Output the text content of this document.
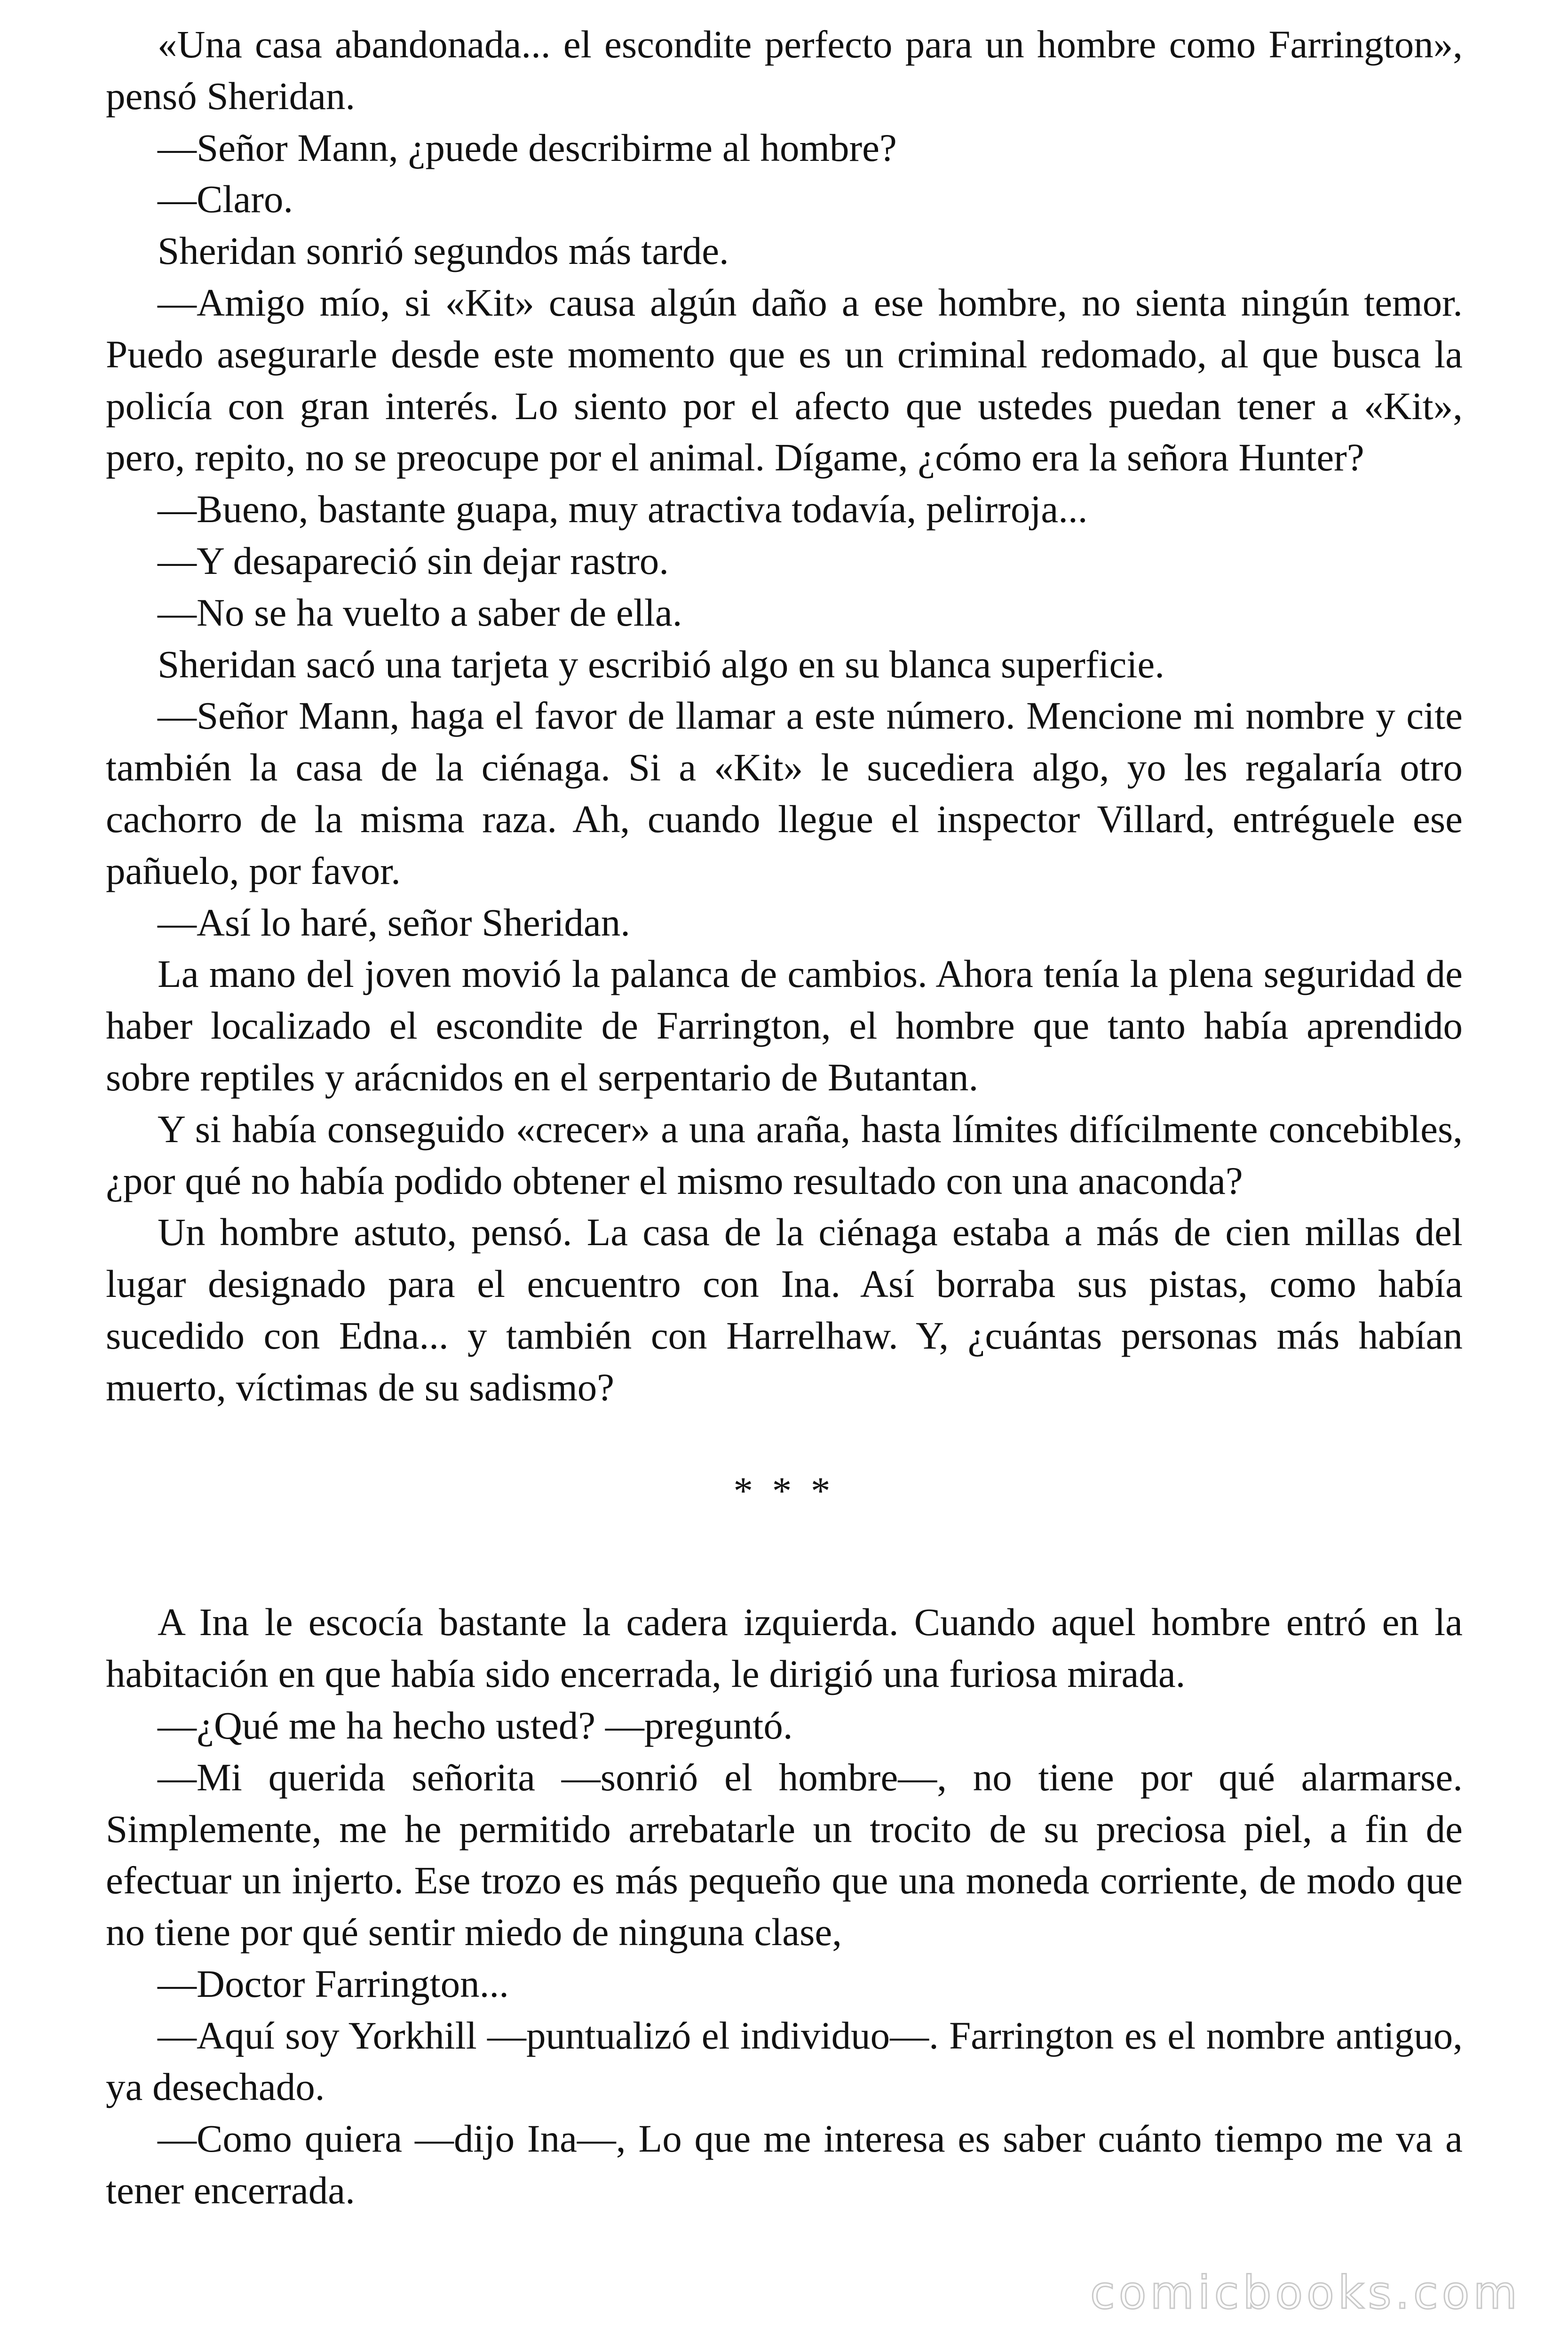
«Una casa abandonada... el escondite perfecto para un hombre como Farrington», pensó Sheridan.

—Señor Mann, ¿puede describirme al hombre?

—Claro.

Sheridan sonrió segundos más tarde.

—Amigo mío, si «Kit» causa algún daño a ese hombre, no sienta ningún temor. Puedo asegurarle desde este momento que es un criminal redomado, al que busca la policía con gran interés. Lo siento por el afecto que ustedes puedan tener a «Kit», pero, repito, no se preocupe por el animal. Dígame, ¿cómo era la señora Hunter?

—Bueno, bastante guapa, muy atractiva todavía, pelirroja...

—Y desapareció sin dejar rastro.

—No se ha vuelto a saber de ella.

Sheridan sacó una tarjeta y escribió algo en su blanca superficie.

—Señor Mann, haga el favor de llamar a este número. Mencione mi nombre y cite también la casa de la ciénaga. Si a «Kit» le sucediera algo, yo les regalaría otro cachorro de la misma raza. Ah, cuando llegue el inspector Villard, entréguele ese pañuelo, por favor.

—Así lo haré, señor Sheridan.

La mano del joven movió la palanca de cambios. Ahora tenía la plena seguridad de haber localizado el escondite de Farrington, el hombre que tanto había aprendido sobre reptiles y arácnidos en el serpentario de Butantan.

Y si había conseguido «crecer» a una araña, hasta límites difícilmente concebibles, ¿por qué no había podido obtener el mismo resultado con una anaconda?

Un hombre astuto, pensó. La casa de la ciénaga estaba a más de cien millas del lugar designado para el encuentro con Ina. Así borraba sus pistas, como había sucedido con Edna... y también con Harrelhaw. Y, ¿cuántas personas más habían muerto, víctimas de su sadismo?

* * *

A Ina le escocía bastante la cadera izquierda. Cuando aquel hombre entró en la habitación en que había sido encerrada, le dirigió una furiosa mirada.

—¿Qué me ha hecho usted? —preguntó.

—Mi querida señorita —sonrió el hombre—, no tiene por qué alarmarse. Simplemente, me he permitido arrebatarle un trocito de su preciosa piel, a fin de efectuar un injerto. Ese trozo es más pequeño que una moneda corriente, de modo que no tiene por qué sentir miedo de ninguna clase,

—Doctor Farrington...

—Aquí soy Yorkhill —puntualizó el individuo—. Farrington es el nombre antiguo, ya desechado.

—Como quiera —dijo Ina—, Lo que me interesa es saber cuánto tiempo me va a tener encerrada.

comicbooks.com
